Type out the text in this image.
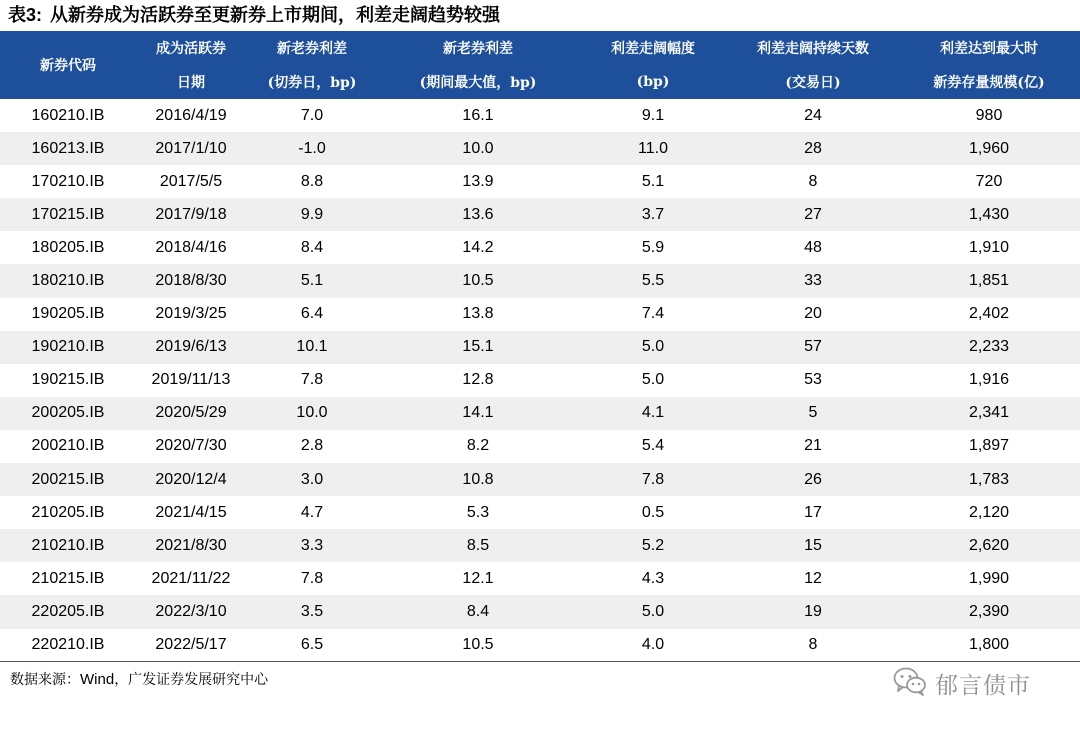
表3: 从新券成为活跃券至更新券上市期间，利差走阔趋势较强
新券代码	成为活跃券	新老券利差	新老券利差	利差走阔幅度	利差走阔持续天数	利差达到最大时
	日期	(切券日，bp)	(期间最大值，bp)	(bp)	(交易日)	新券存量规模(亿)
160210.IB	2016/4/19	7.0	16.1	9.1	24	980
160213.IB	2017/1/10	-1.0	10.0	11.0	28	1,960
170210.IB	2017/5/5	8.8	13.9	5.1	8	720
170215.IB	2017/9/18	9.9	13.6	3.7	27	1,430
180205.IB	2018/4/16	8.4	14.2	5.9	48	1,910
180210.IB	2018/8/30	5.1	10.5	5.5	33	1,851
190205.IB	2019/3/25	6.4	13.8	7.4	20	2,402
190210.IB	2019/6/13	10.1	15.1	5.0	57	2,233
190215.IB	2019/11/13	7.8	12.8	5.0	53	1,916
200205.IB	2020/5/29	10.0	14.1	4.1	5	2,341
200210.IB	2020/7/30	2.8	8.2	5.4	21	1,897
200215.IB	2020/12/4	3.0	10.8	7.8	26	1,783
210205.IB	2021/4/15	4.7	5.3	0.5	17	2,120
210210.IB	2021/8/30	3.3	8.5	5.2	15	2,620
210215.IB	2021/11/22	7.8	12.1	4.3	12	1,990
220205.IB	2022/3/10	3.5	8.4	5.0	19	2,390
220210.IB	2022/5/17	6.5	10.5	4.0	8	1,800
数据来源：Wind，广发证券发展研究中心	郁言债市
